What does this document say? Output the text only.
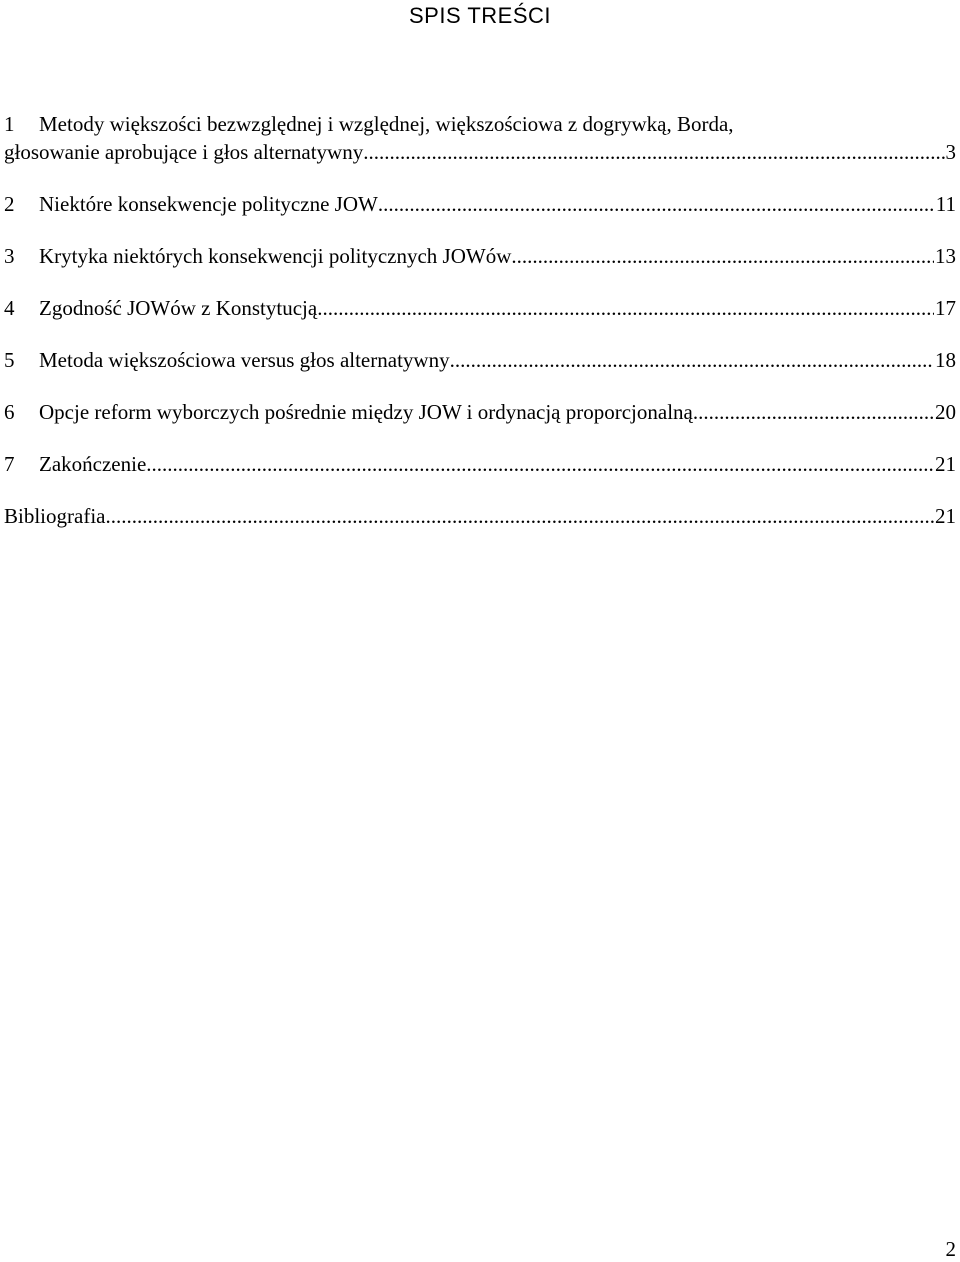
SPIS TREŚCI
1	Metody większości bezwzględnej i względnej, większościowa z dogrywką, Borda,
głosowanie aprobujące i głos alternatywny .....	3
2	Niektóre konsekwencje polityczne JOW .....	11
3	Krytyka niektórych konsekwencji politycznych JOWów .....	13
4	Zgodność JOWów z Konstytucją .....	17
5	Metoda większościowa versus głos alternatywny .....	18
6	Opcje reform wyborczych pośrednie między JOW i ordynacją proporcjonalną .....	20
7	Zakończenie .....	21
Bibliografia .....	21
2
